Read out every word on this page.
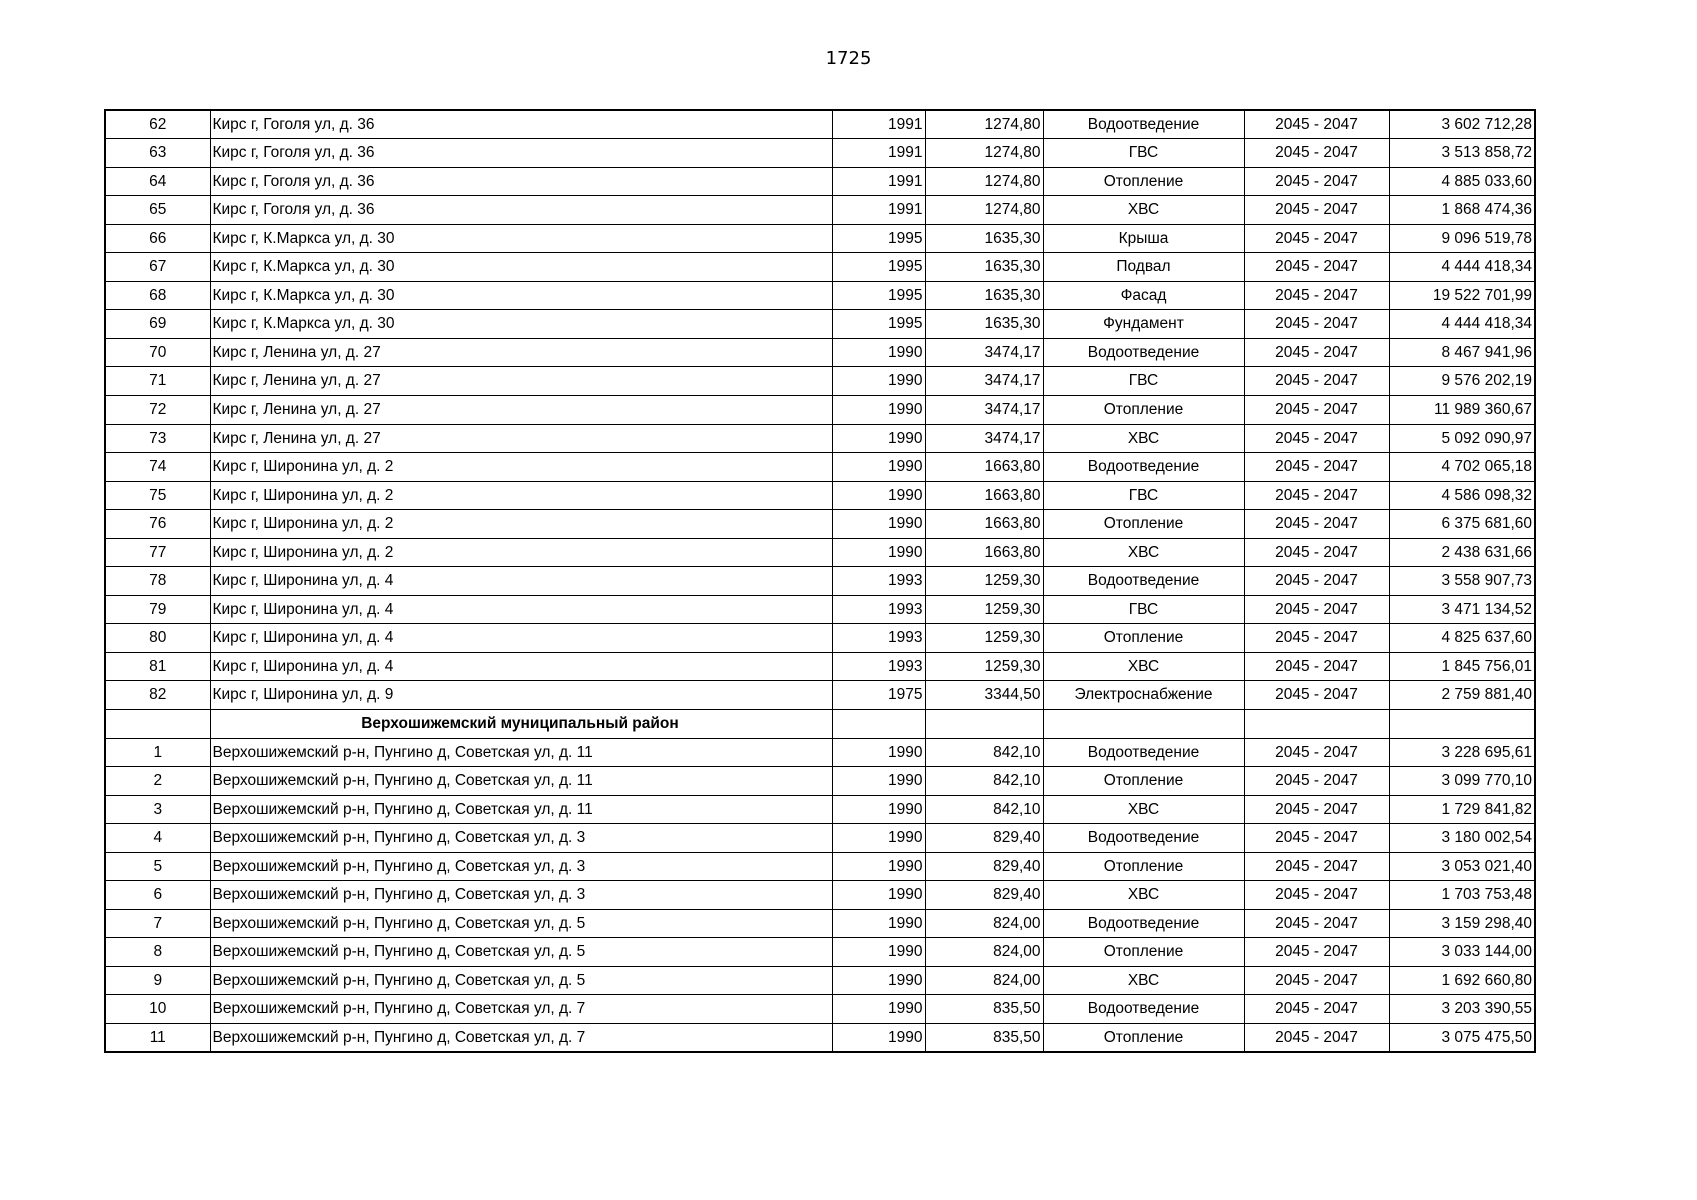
1725
62	Кирс г, Гоголя ул, д. 36	1991	1274,80	Водоотведение	2045 - 2047	3 602 712,28
63	Кирс г, Гоголя ул, д. 36	1991	1274,80	ГВС	2045 - 2047	3 513 858,72
64	Кирс г, Гоголя ул, д. 36	1991	1274,80	Отопление	2045 - 2047	4 885 033,60
65	Кирс г, Гоголя ул, д. 36	1991	1274,80	ХВС	2045 - 2047	1 868 474,36
66	Кирс г, К.Маркса ул, д. 30	1995	1635,30	Крыша	2045 - 2047	9 096 519,78
67	Кирс г, К.Маркса ул, д. 30	1995	1635,30	Подвал	2045 - 2047	4 444 418,34
68	Кирс г, К.Маркса ул, д. 30	1995	1635,30	Фасад	2045 - 2047	19 522 701,99
69	Кирс г, К.Маркса ул, д. 30	1995	1635,30	Фундамент	2045 - 2047	4 444 418,34
70	Кирс г, Ленина ул, д. 27	1990	3474,17	Водоотведение	2045 - 2047	8 467 941,96
71	Кирс г, Ленина ул, д. 27	1990	3474,17	ГВС	2045 - 2047	9 576 202,19
72	Кирс г, Ленина ул, д. 27	1990	3474,17	Отопление	2045 - 2047	11 989 360,67
73	Кирс г, Ленина ул, д. 27	1990	3474,17	ХВС	2045 - 2047	5 092 090,97
74	Кирс г, Широнина ул, д. 2	1990	1663,80	Водоотведение	2045 - 2047	4 702 065,18
75	Кирс г, Широнина ул, д. 2	1990	1663,80	ГВС	2045 - 2047	4 586 098,32
76	Кирс г, Широнина ул, д. 2	1990	1663,80	Отопление	2045 - 2047	6 375 681,60
77	Кирс г, Широнина ул, д. 2	1990	1663,80	ХВС	2045 - 2047	2 438 631,66
78	Кирс г, Широнина ул, д. 4	1993	1259,30	Водоотведение	2045 - 2047	3 558 907,73
79	Кирс г, Широнина ул, д. 4	1993	1259,30	ГВС	2045 - 2047	3 471 134,52
80	Кирс г, Широнина ул, д. 4	1993	1259,30	Отопление	2045 - 2047	4 825 637,60
81	Кирс г, Широнина ул, д. 4	1993	1259,30	ХВС	2045 - 2047	1 845 756,01
82	Кирс г, Широнина ул, д. 9	1975	3344,50	Электроснабжение	2045 - 2047	2 759 881,40
	Верхошижемский муниципальный район					
1	Верхошижемский р-н, Пунгино д, Советская ул, д. 11	1990	842,10	Водоотведение	2045 - 2047	3 228 695,61
2	Верхошижемский р-н, Пунгино д, Советская ул, д. 11	1990	842,10	Отопление	2045 - 2047	3 099 770,10
3	Верхошижемский р-н, Пунгино д, Советская ул, д. 11	1990	842,10	ХВС	2045 - 2047	1 729 841,82
4	Верхошижемский р-н, Пунгино д, Советская ул, д. 3	1990	829,40	Водоотведение	2045 - 2047	3 180 002,54
5	Верхошижемский р-н, Пунгино д, Советская ул, д. 3	1990	829,40	Отопление	2045 - 2047	3 053 021,40
6	Верхошижемский р-н, Пунгино д, Советская ул, д. 3	1990	829,40	ХВС	2045 - 2047	1 703 753,48
7	Верхошижемский р-н, Пунгино д, Советская ул, д. 5	1990	824,00	Водоотведение	2045 - 2047	3 159 298,40
8	Верхошижемский р-н, Пунгино д, Советская ул, д. 5	1990	824,00	Отопление	2045 - 2047	3 033 144,00
9	Верхошижемский р-н, Пунгино д, Советская ул, д. 5	1990	824,00	ХВС	2045 - 2047	1 692 660,80
10	Верхошижемский р-н, Пунгино д, Советская ул, д. 7	1990	835,50	Водоотведение	2045 - 2047	3 203 390,55
11	Верхошижемский р-н, Пунгино д, Советская ул, д. 7	1990	835,50	Отопление	2045 - 2047	3 075 475,50
